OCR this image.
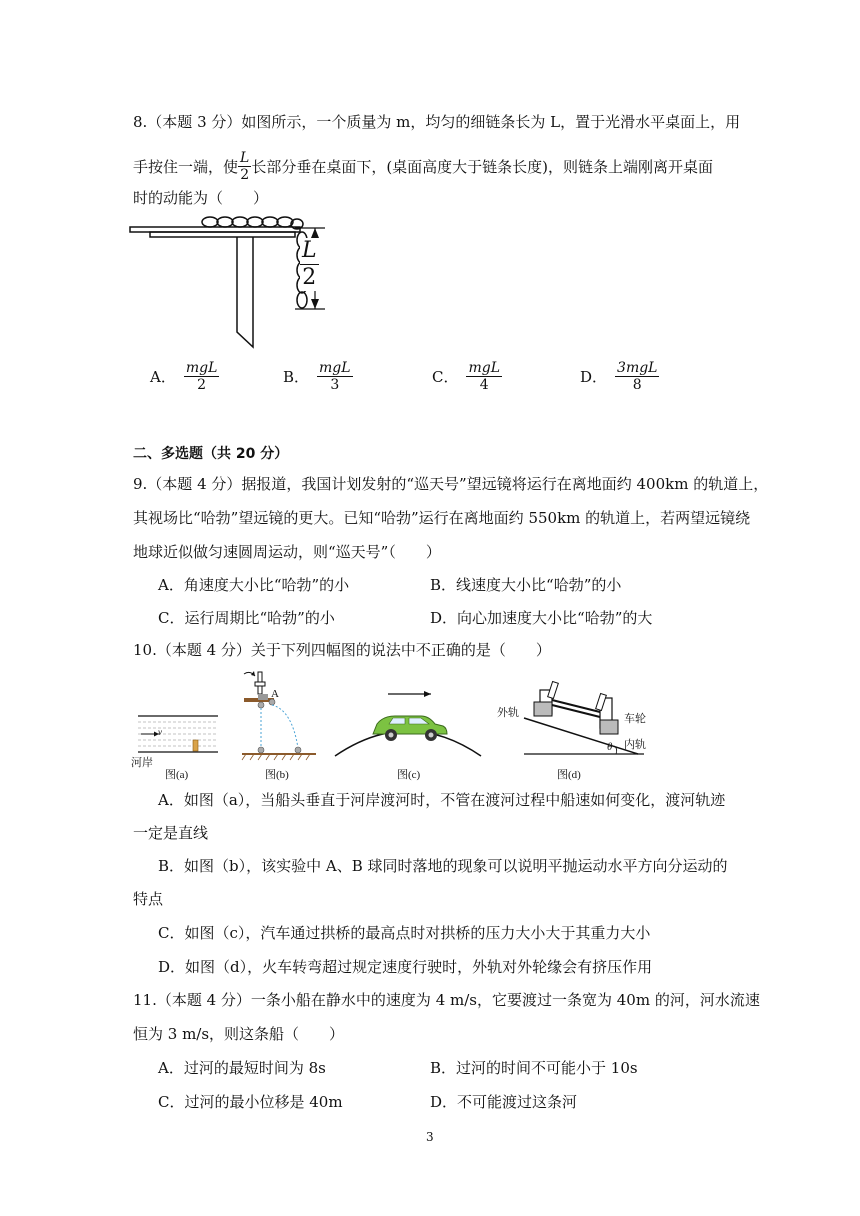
8.（本题 3 分）如图所示，一个质量为 m，均匀的细链条长为 L，置于光滑水平桌面上，用
手按住一端，使 $\frac{L}{2}$ 长部分垂在桌面下，(桌面高度大于链条长度)，则链条上端刚离开桌面
时的动能为（　　）
$\frac{L}{2}$
A． $\frac{\text{mgL}}{2}$	B． $\frac{\text{mgL}}{3}$	C． $\frac{\text{mgL}}{4}$	D． $\frac{\text{3mgL}}{8}$
二、多选题（共 20 分）
9.（本题 4 分）据报道，我国计划发射的“巡天号”望远镜将运行在离地面约 400km 的轨道上，
其视场比“哈勃”望远镜的更大。已知“哈勃”运行在离地面约 550km 的轨道上，若两望远镜绕
地球近似做匀速圆周运动，则“巡天号”（　　）
A．角速度大小比“哈勃”的小	B．线速度大小比“哈勃”的小
C．运行周期比“哈勃”的小	D．向心加速度大小比“哈勃”的大
10.（本题 4 分）关于下列四幅图的说法中不正确的是（　　）
v
河岸
图(a)
A
图(b)	图(c)
外轨	车轮
内轨
θ
图(d)
A．如图（a），当船头垂直于河岸渡河时，不管在渡河过程中船速如何变化，渡河轨迹
一定是直线
B．如图（b），该实验中 A、B 球同时落地的现象可以说明平抛运动水平方向分运动的
特点
C．如图（c），汽车通过拱桥的最高点时对拱桥的压力大小大于其重力大小
D．如图（d），火车转弯超过规定速度行驶时，外轨对外轮缘会有挤压作用
11.（本题 4 分）一条小船在静水中的速度为 4 m/s，它要渡过一条宽为 40m 的河，河水流速
恒为 3 m/s，则这条船（　　）
A．过河的最短时间为 8s	B．过河的时间不可能小于 10s
C．过河的最小位移是 40m	D．不可能渡过这条河
3
